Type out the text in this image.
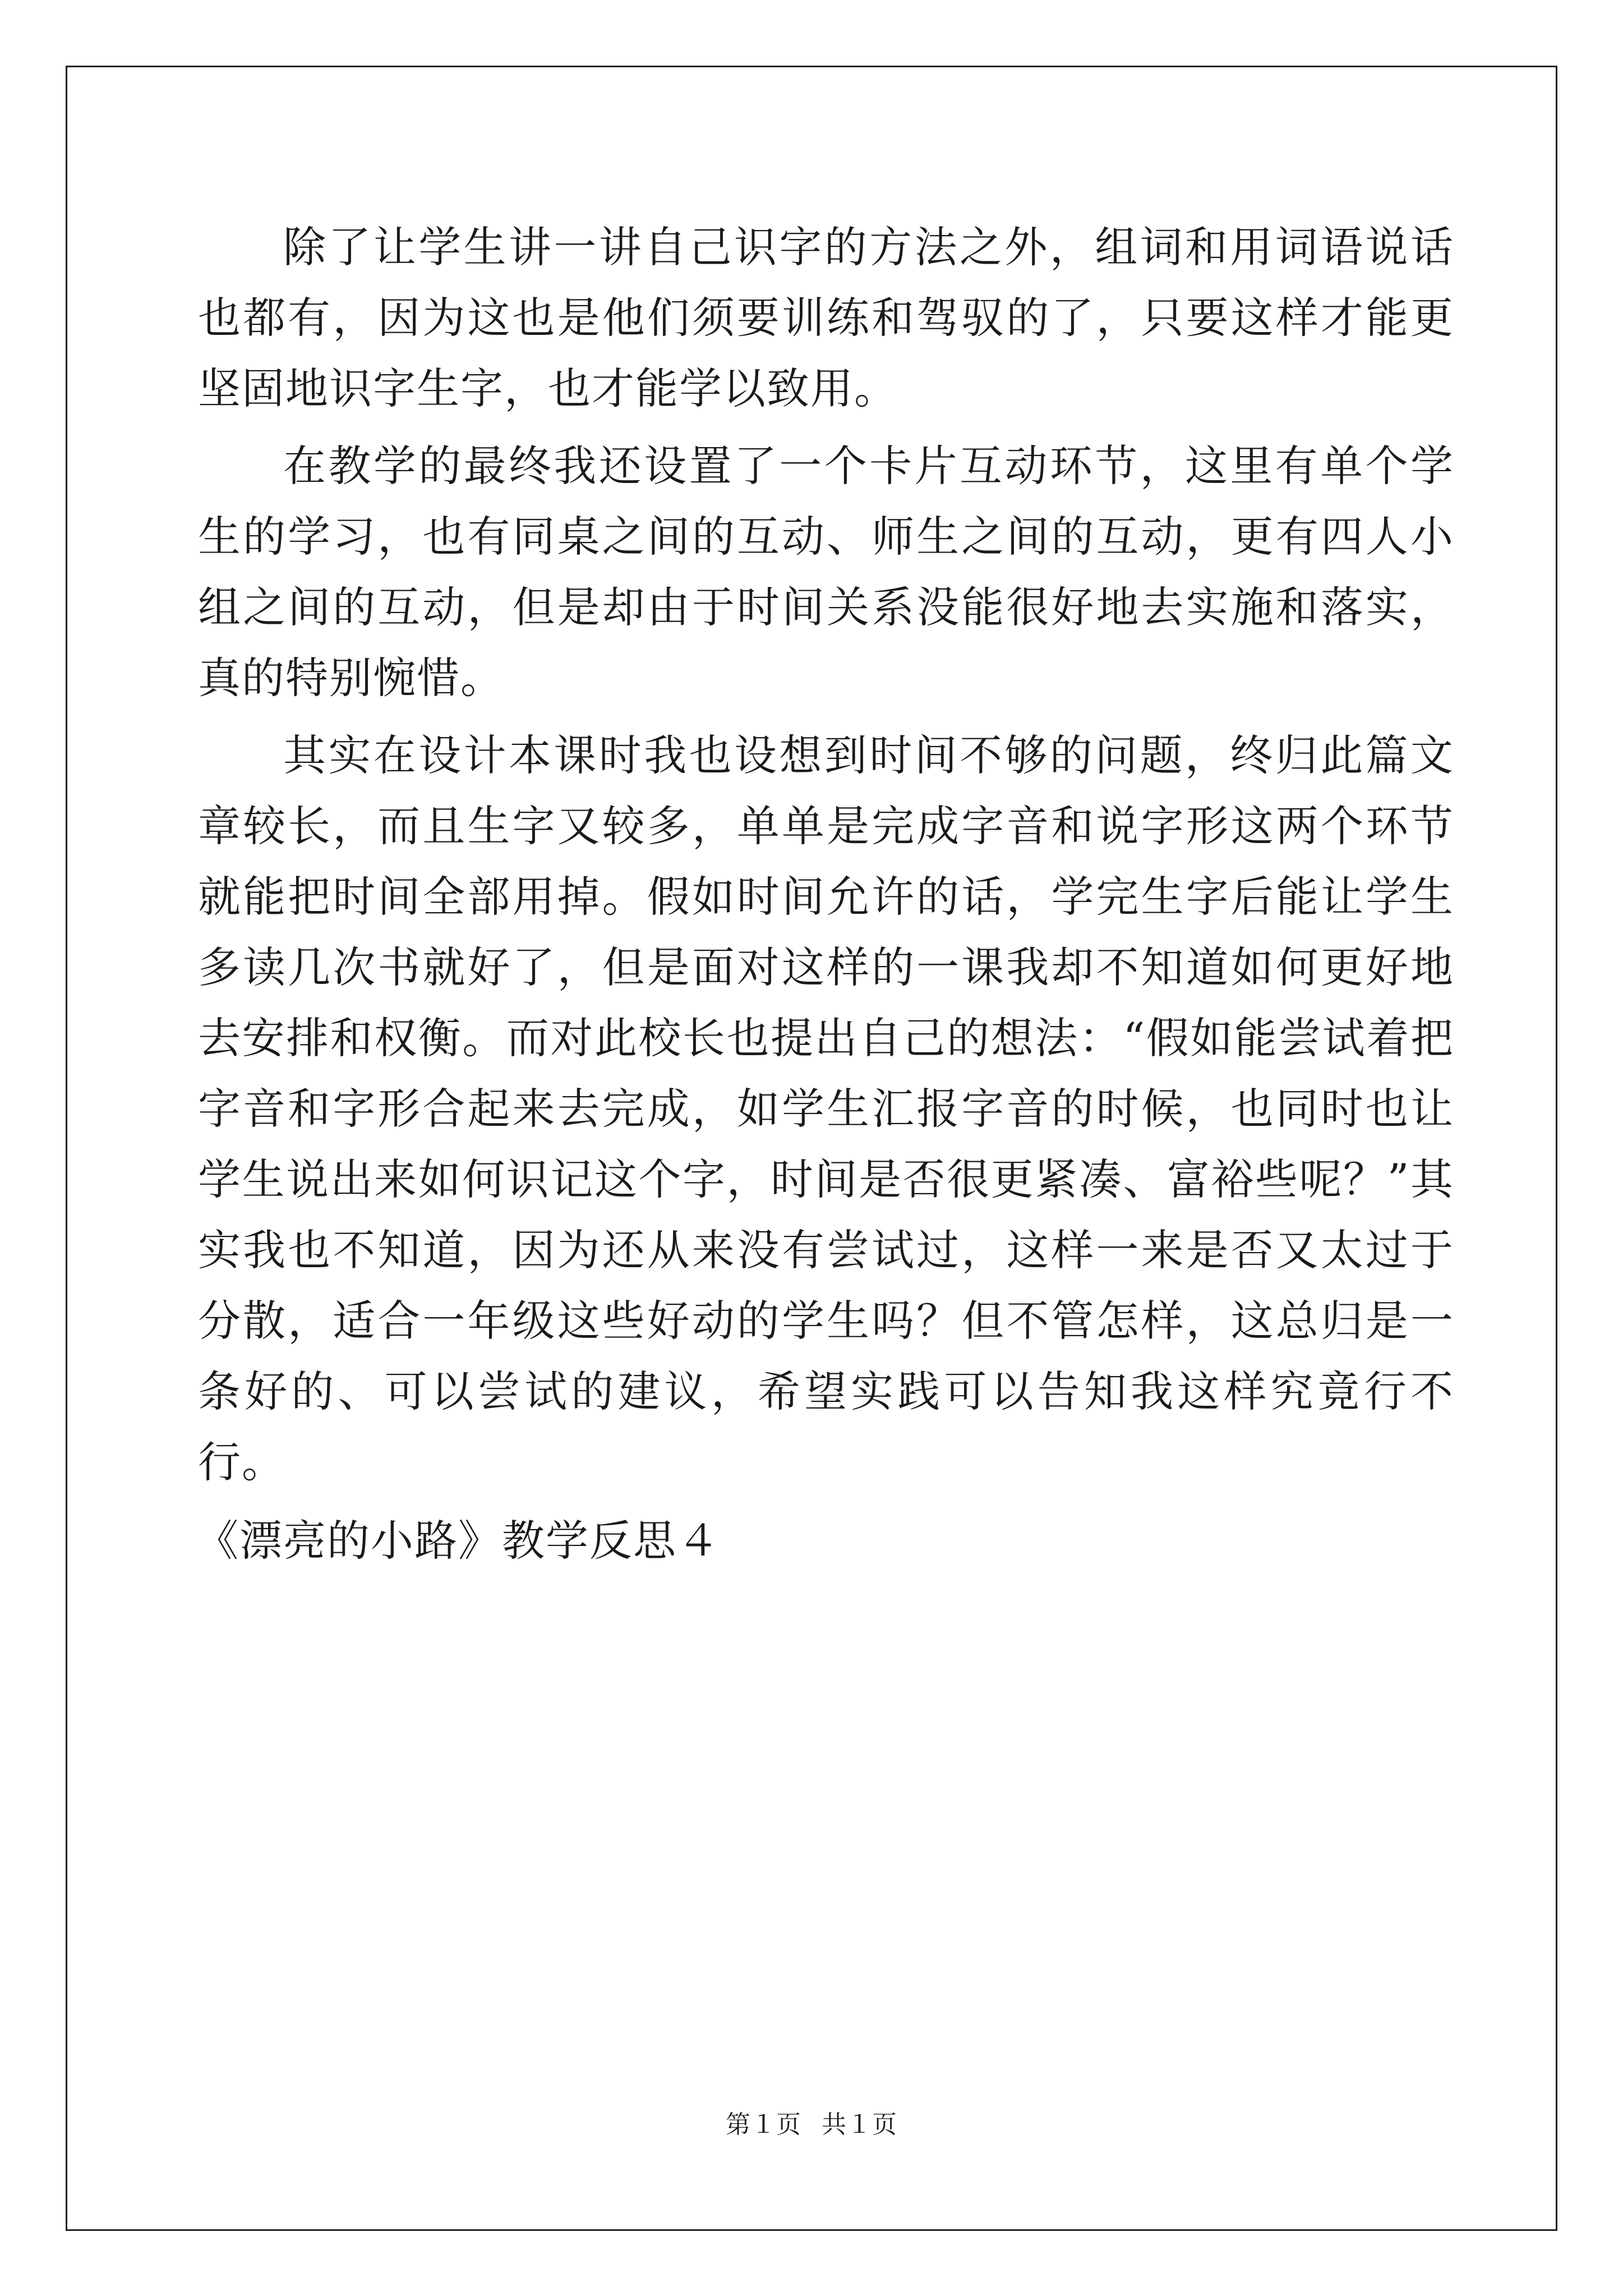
除了让学生讲一讲自己识字的方法之外，组词和用词语说话也都有，因为这也是他们须要训练和驾驭的了，只要这样才能更坚固地识字生字，也才能学以致用。

在教学的最终我还设置了一个卡片互动环节，这里有单个学生的学习，也有同桌之间的互动、师生之间的互动，更有四人小组之间的互动，但是却由于时间关系没能很好地去实施和落实，真的特别惋惜。

其实在设计本课时我也设想到时间不够的问题，终归此篇文章较长，而且生字又较多，单单是完成字音和说字形这两个环节就能把时间全部用掉。假如时间允许的话，学完生字后能让学生多读几次书就好了，但是面对这样的一课我却不知道如何更好地去安排和权衡。而对此校长也提出自己的想法：“假如能尝试着把字音和字形合起来去完成，如学生汇报字音的时候，也同时也让学生说出来如何识记这个字，时间是否很更紧凑、富裕些呢？”其实我也不知道，因为还从来没有尝试过，这样一来是否又太过于分散，适合一年级这些好动的学生吗？但不管怎样，这总归是一条好的、可以尝试的建议，希望实践可以告知我这样究竟行不行。

《漂亮的小路》教学反思４
第１页 共１页
